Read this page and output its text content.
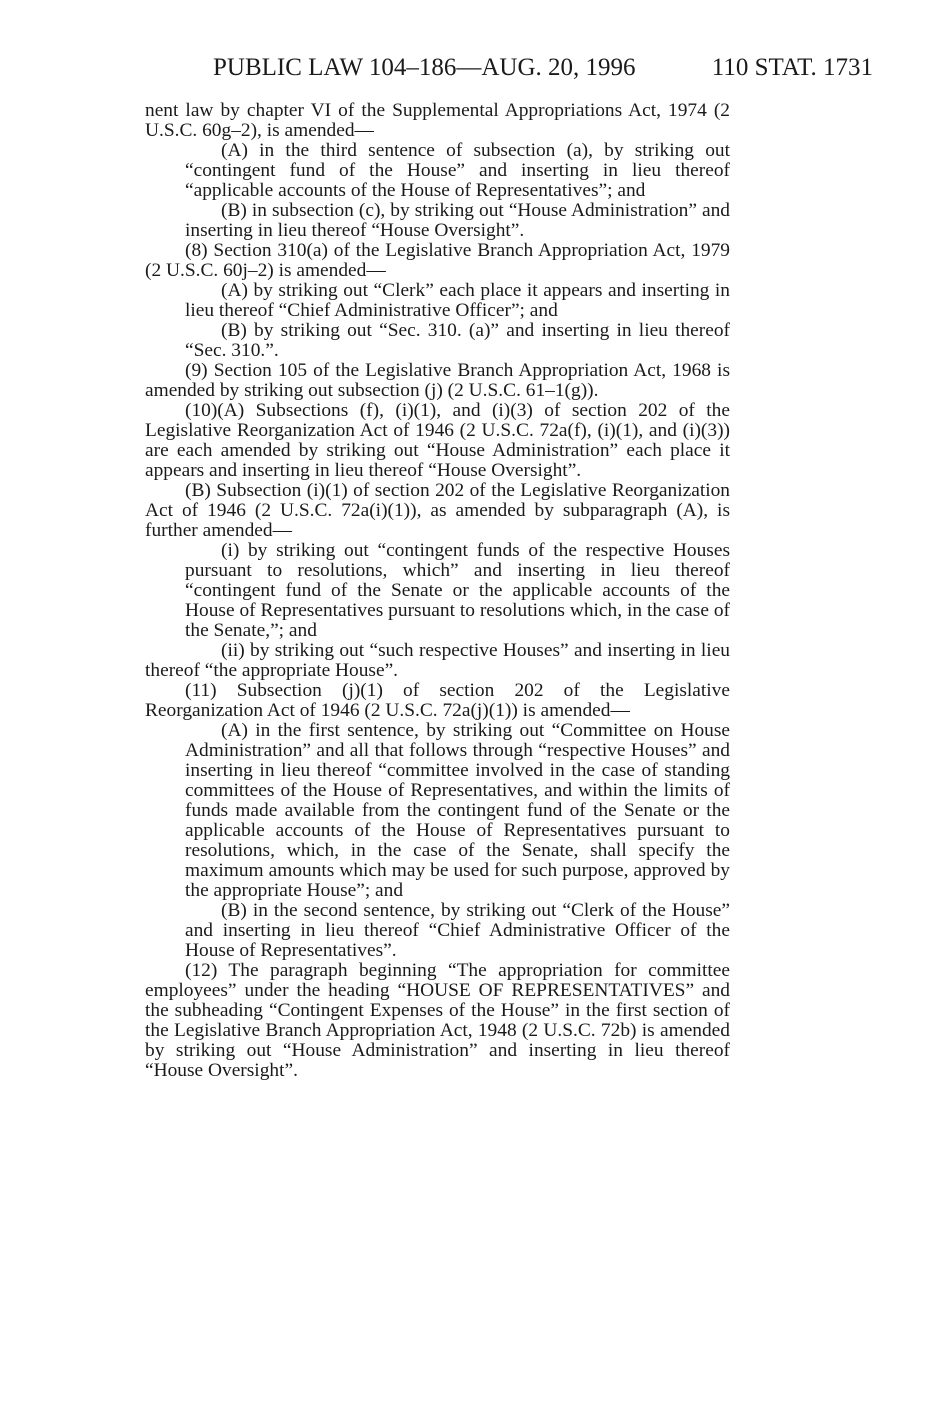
PUBLIC LAW 104–186—AUG. 20, 1996	110 STAT. 1731

nent law by chapter VI of the Supplemental Appropriations Act, 1974 (2 U.S.C. 60g–2), is amended—

(A) in the third sentence of subsection (a), by striking out “contingent fund of the House” and inserting in lieu thereof “applicable accounts of the House of Representatives”; and

(B) in subsection (c), by striking out “House Administration” and inserting in lieu thereof “House Oversight”.

(8) Section 310(a) of the Legislative Branch Appropriation Act, 1979 (2 U.S.C. 60j–2) is amended—

(A) by striking out “Clerk” each place it appears and inserting in lieu thereof “Chief Administrative Officer”; and

(B) by striking out “Sec. 310. (a)” and inserting in lieu thereof “Sec. 310.”.

(9) Section 105 of the Legislative Branch Appropriation Act, 1968 is amended by striking out subsection (j) (2 U.S.C. 61–1(g)).

(10)(A) Subsections (f), (i)(1), and (i)(3) of section 202 of the Legislative Reorganization Act of 1946 (2 U.S.C. 72a(f), (i)(1), and (i)(3)) are each amended by striking out “House Administration” each place it appears and inserting in lieu thereof “House Oversight”.

(B) Subsection (i)(1) of section 202 of the Legislative Reorganization Act of 1946 (2 U.S.C. 72a(i)(1)), as amended by subparagraph (A), is further amended—

(i) by striking out “contingent funds of the respective Houses pursuant to resolutions, which” and inserting in lieu thereof “contingent fund of the Senate or the applicable accounts of the House of Representatives pursuant to resolutions which, in the case of the Senate,”; and

(ii) by striking out “such respective Houses” and inserting in lieu thereof “the appropriate House”.

(11) Subsection (j)(1) of section 202 of the Legislative Reorganization Act of 1946 (2 U.S.C. 72a(j)(1)) is amended—

(A) in the first sentence, by striking out “Committee on House Administration” and all that follows through “respective Houses” and inserting in lieu thereof “committee involved in the case of standing committees of the House of Representatives, and within the limits of funds made available from the contingent fund of the Senate or the applicable accounts of the House of Representatives pursuant to resolutions, which, in the case of the Senate, shall specify the maximum amounts which may be used for such purpose, approved by the appropriate House”; and

(B) in the second sentence, by striking out “Clerk of the House” and inserting in lieu thereof “Chief Administrative Officer of the House of Representatives”.

(12) The paragraph beginning “The appropriation for committee employees” under the heading “HOUSE OF REPRESENTATIVES” and the subheading “Contingent Expenses of the House” in the first section of the Legislative Branch Appropriation Act, 1948 (2 U.S.C. 72b) is amended by striking out “House Administration” and inserting in lieu thereof “House Oversight”.
